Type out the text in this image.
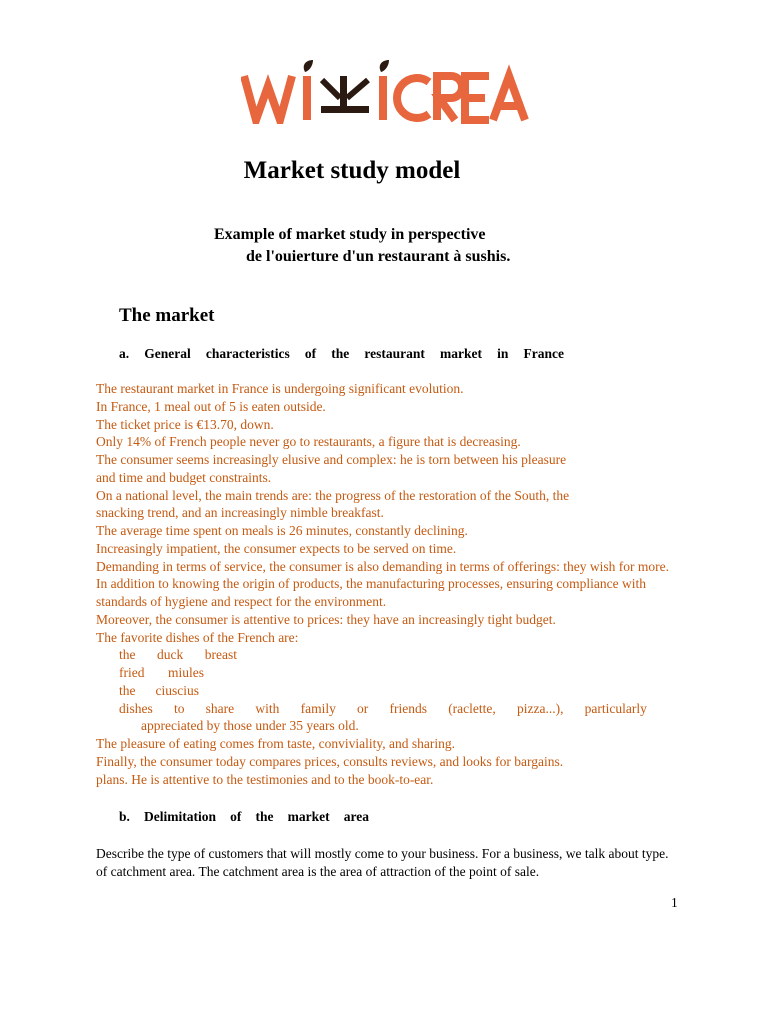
Market study model
Example of market study in perspective
de l'ouierture d'un restaurant à sushis.
The market
a. General characteristics of the restaurant market in France
The restaurant market in France is undergoing significant evolution.
In France, 1 meal out of 5 is eaten outside.
The ticket price is €13.70, down.
Only 14% of French people never go to restaurants, a figure that is decreasing.
The consumer seems increasingly elusive and complex: he is torn between his pleasure
and time and budget constraints.
On a national level, the main trends are: the progress of the restoration of the South, the
snacking trend, and an increasingly nimble breakfast.
The average time spent on meals is 26 minutes, constantly declining.
Increasingly impatient, the consumer expects to be served on time.
Demanding in terms of service, the consumer is also demanding in terms of offerings: they wish for more.
In addition to knowing the origin of products, the manufacturing processes, ensuring compliance with
standards of hygiene and respect for the environment.
Moreover, the consumer is attentive to prices: they have an increasingly tight budget.
The favorite dishes of the French are:
the duck breast
fried miules
the ciuscius
dishes to share with family or friends (raclette, pizza...), particularly
appreciated by those under 35 years old.
The pleasure of eating comes from taste, conviviality, and sharing.
Finally, the consumer today compares prices, consults reviews, and looks for bargains.
plans. He is attentive to the testimonies and to the book-to-ear.
b. Delimitation of the market area
Describe the type of customers that will mostly come to your business. For a business, we talk about type.
of catchment area. The catchment area is the area of attraction of the point of sale.
1
